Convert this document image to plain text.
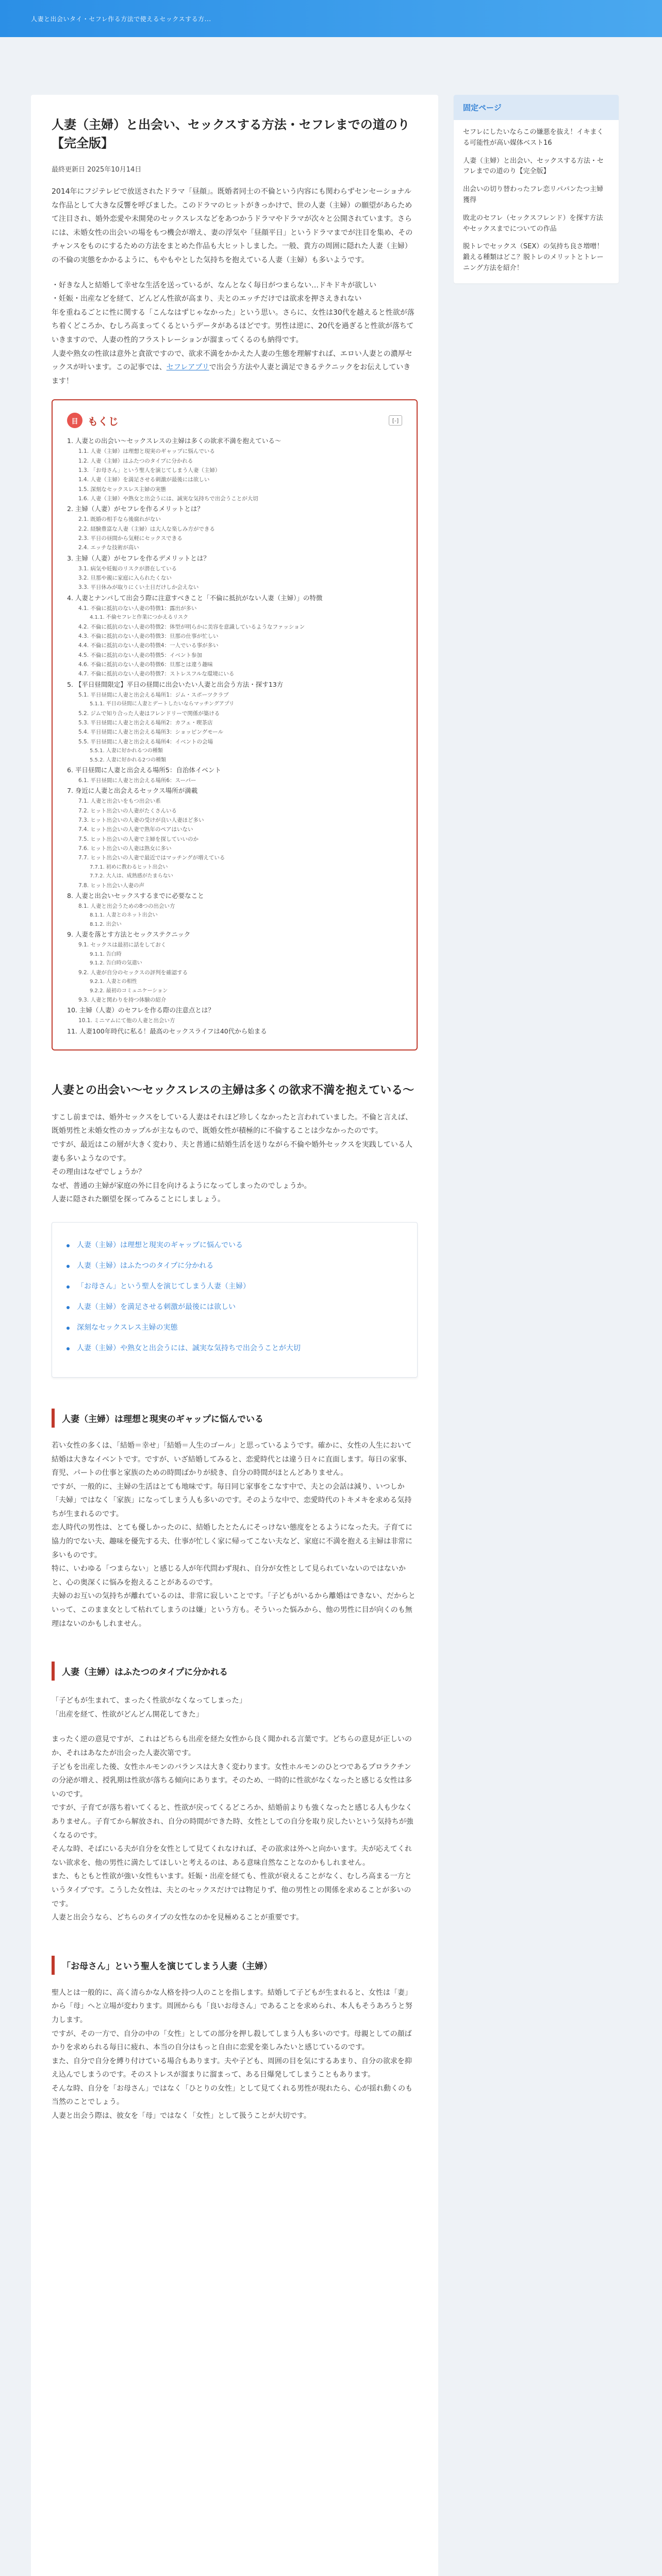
人妻と出会いタイ・セフレ作る方法で使えるセックスする方...
人妻（主婦）と出会い、セックスする方法・セフレまでの道のり【完全版】
最終更新日 2025年10月14日

2014年にフジテレビで放送されたドラマ「昼顔」。既婚者同士の不倫という内容にも関わらずセンセーショナルな作品として大きな反響を呼びました。このドラマのヒットがきっかけで、世の人妻（主婦）の願望があらためて注目され、婚外恋愛や未開発のセックスレスなどをあつかうドラマやドラマが次々と公開されています。さらには、未婚女性の出会いの場をもつ機会が増え、妻の浮気や「昼顔平日」というドラマまでが注目を集め、そのチャンスをものにするための方法をまとめた作品も大ヒットしました。一般、貴方の周囲に隠れた人妻（主婦）の不倫の実態をかかるように、もやもやとした気持ちを抱えている人妻（主婦）も多いようです。

・好きな人と結婚して幸せな生活を送っているが、なんとなく毎日がつまらない…ドキドキが欲しい
・妊娠・出産などを経て、どんどん性欲が高まり、夫とのエッチだけでは欲求を押さえきれない
年を重ねるごとに性に関する「こんなはずじゃなかった」という思い。さらに、女性は30代を越えると性欲が落ち着くどころか、むしろ高まってくるというデータがあるほどです。男性は逆に、20代を過ぎると性欲が落ちていきますので、人妻の性的フラストレーションが溜まってくるのも納得です。
人妻や熟女の性欲は意外と貪欲ですので、欲求不満をかかえた人妻の生態を理解すれば、エロい人妻との濃厚セックスが叶います。この記事では、セフレアプリで出会う方法や人妻と満足できるテクニックをお伝えしていきます！

目 もくじ	[-]
1. 人妻との出会い〜セックスレスの主婦は多くの欲求不満を抱えている〜
1.1. 人妻（主婦）は理想と現実のギャップに悩んでいる
1.2. 人妻（主婦）はふたつのタイプに分かれる
1.3. 「お母さん」という聖人を演じてしまう人妻（主婦）
1.4. 人妻（主婦）を満足させる刺激が最後には欲しい
1.5. 深刻なセックスレス主婦の実態
1.6. 人妻（主婦）や熟女と出会うには、誠実な気持ちで出会うことが大切
2. 主婦（人妻）がセフレを作るメリットとは？
2.1. 既婚の相手なら後腐れがない
2.2. 経験豊富な人妻（主婦）は大人な楽しみ方ができる
2.3. 平日の昼間から気軽にセックスできる
2.4. エッチな技術が高い
3. 主婦（人妻）がセフレを作るデメリットとは？
3.1. 病気や妊娠のリスクが潜在している
3.2. 旦那や親に家庭に入られたくない
3.3. 平日休みが取りにくい土日だけしか会えない
4. 人妻とナンパして出会う際に注意すべきこと「不倫に抵抗がない人妻（主婦）」の特徴
4.1. 不倫に抵抗のない人妻の特徴1：露出が多い
4.1.1. 不倫セフレと作業につかえるリスク
4.2. 不倫に抵抗のない人妻の特徴2：体型が明らかに美容を意識しているようなファッション
4.3. 不倫に抵抗のない人妻の特徴3：旦那の仕事が忙しい
4.4. 不倫に抵抗のない人妻の特徴4：一人でいる事が多い
4.5. 不倫に抵抗のない人妻の特徴5：イベント参加
4.6. 不倫に抵抗のない人妻の特徴6：旦那とは違う趣味
4.7. 不倫に抵抗のない人妻の特徴7：ストレスフルな環境にいる
5. 【平日昼間限定】平日の昼間に出会いたい人妻と出会う方法・探す13方
5.1. 平日昼間に人妻と出会える場所1：ジム・スポーツクラブ
5.1.1. 平日の昼間に人妻とデートしたいならマッチングアプリ
5.2. ジムで知り合った人妻はフレンドリーで関係が築ける
5.3. 平日昼間に人妻と出会える場所2：カフェ・喫茶店
5.4. 平日昼間に人妻と出会える場所3：ショッピングモール
5.5. 平日昼間に人妻と出会える場所4：イベントの会場
5.5.1. 人妻に好かれるつの種類
5.5.2. 人妻に好かれる2つの種類
6. 平日昼間に人妻と出会える場所5：自治体イベント
6.1. 平日昼間に人妻と出会える場所6：スーパー
7. 身近に人妻と出会えるセックス場所が満載
7.1. 人妻と出会いをもつ出会い系
7.2. ヒット出会いの人妻がたくさんいる
7.3. ヒット出会いの人妻の受けが良い人妻ほど多い
7.4. ヒット出会いの人妻で熟年のペアはいない
7.5. ヒット出会いの人妻で主婦を探していいのか
7.6. ヒット出会いの人妻は熟女に多い
7.7. ヒット出会いの人妻で最近ではマッチングが増えている
7.7.1. 初めに教わるヒット出会い
7.7.2. 大人は、成熟感がたまらない
7.8. ヒット出会い人妻の声
8. 人妻と出会いセックスするまでに必要なこと
8.1. 人妻と出会うための8つの出会い方
8.1.1. 人妻とのネット出会い
8.1.2. 出会い
9. 人妻を落とす方法とセックステクニック
9.1. セックスは最初に話をしておく
9.1.1. 告白時
9.1.2. 告白時の気遣い
9.2. 人妻が自分のセックスの評判を確認する
9.2.1. 人妻との相性
9.2.2. 最初のコミュニケーション
9.3. 人妻と関わりを持つ体験の紹介
10. 主婦（人妻）のセフレを作る際の注意点とは？
10.1. ミニマムにて他の人妻と出会い方
11. 人妻100年時代に私る！最高のセックスライフは40代から始まる
人妻との出会い〜セックスレスの主婦は多くの欲求不満を抱えている〜

すこし前までは、婚外セックスをしている人妻はそれほど珍しくなかったと言われていました。不倫と言えば、既婚男性と未婚女性のカップルが主なもので、既婚女性が積極的に不倫することは少なかったのです。
ですが、最近はこの層が大きく変わり、夫と普通に結婚生活を送りながら不倫や婚外セックスを実践している人妻も多いようなのです。
その理由はなぜでしょうか？
なぜ、普通の主婦が家庭の外に目を向けるようになってしまったのでしょうか。
人妻に隠された願望を探ってみることにしましょう。

人妻（主婦）は理想と現実のギャップに悩んでいる
人妻（主婦）はふたつのタイプに分かれる
「お母さん」という聖人を演じてしまう人妻（主婦）
人妻（主婦）を満足させる刺激が最後には欲しい
深刻なセックスレス主婦の実態
人妻（主婦）や熟女と出会うには、誠実な気持ちで出会うことが大切
人妻（主婦）は理想と現実のギャップに悩んでいる

若い女性の多くは、「結婚＝幸せ」「結婚＝人生のゴール」と思っているようです。確かに、女性の人生において結婚は大きなイベントです。ですが、いざ結婚してみると、恋愛時代とは違う日々に直面します。毎日の家事、育児、パートの仕事と家族のための時間ばかりが続き、自分の時間がほとんどありません。
ですが、一般的に、主婦の生活はとても地味です。毎日同じ家事をこなす中で、夫との会話は減り、いつしか「夫婦」ではなく「家族」になってしまう人も多いのです。そのような中で、恋愛時代のトキメキを求める気持ちが生まれるのです。
恋人時代の男性は、とても優しかったのに、結婚したとたんにそっけない態度をとるようになった夫。子育てに協力的でない夫、趣味を優先する夫、仕事が忙しく家に帰ってこない夫など、家庭に不満を抱える主婦は非常に多いものです。
特に、いわゆる「つまらない」と感じる人が年代問わず現れ、自分が女性として見られていないのではないかと、心の奥深くに悩みを抱えることがあるのです。
夫婦のお互いの気持ちが離れているのは、非常に寂しいことです。「子どもがいるから離婚はできない、だからといって、このまま女として枯れてしまうのは嫌」という方も。そういった悩みから、他の男性に目が向くのも無理はないのかもしれません。

人妻（主婦）はふたつのタイプに分かれる

「子どもが生まれて、まったく性欲がなくなってしまった」
「出産を経て、性欲がどんどん開花してきた」

まったく逆の意見ですが、これはどちらも出産を経た女性から良く聞かれる言葉です。どちらの意見が正しいのか、それはあなたが出会った人妻次第です。
子どもを出産した後、女性ホルモンのバランスは大きく変わります。女性ホルモンのひとつであるプロラクチンの分泌が増え、授乳期は性欲が落ちる傾向にあります。そのため、一時的に性欲がなくなったと感じる女性は多いのです。
ですが、子育てが落ち着いてくると、性欲が戻ってくるどころか、結婚前よりも強くなったと感じる人も少なくありません。子育てから解放され、自分の時間ができた時、女性としての自分を取り戻したいという気持ちが強くなるのです。
そんな時、そばにいる夫が自分を女性として見てくれなければ、その欲求は外へと向かいます。夫が応えてくれない欲求を、他の男性に満たしてほしいと考えるのは、ある意味自然なことなのかもしれません。
また、もともと性欲が強い女性もいます。妊娠・出産を経ても、性欲が衰えることがなく、むしろ高まる一方というタイプです。こうした女性は、夫とのセックスだけでは物足りず、他の男性との関係を求めることが多いのです。
人妻と出会うなら、どちらのタイプの女性なのかを見極めることが重要です。

「お母さん」という聖人を演じてしまう人妻（主婦）

聖人とは一般的に、高く清らかな人格を持つ人のことを指します。結婚して子どもが生まれると、女性は「妻」から「母」へと立場が変わります。周囲からも「良いお母さん」であることを求められ、本人もそうあろうと努力します。
ですが、その一方で、自分の中の「女性」としての部分を押し殺してしまう人も多いのです。母親としての顔ばかりを求められる毎日に疲れ、本当の自分はもっと自由に恋愛を楽しみたいと感じているのです。
また、自分で自分を縛り付けている場合もあります。夫や子ども、周囲の目を気にするあまり、自分の欲求を抑え込んでしまうのです。そのストレスが溜まりに溜まって、ある日爆発してしまうこともあります。
そんな時、自分を「お母さん」ではなく「ひとりの女性」として見てくれる男性が現れたら、心が揺れ動くのも当然のことでしょう。
人妻と出会う際は、彼女を「母」ではなく「女性」として扱うことが大切です。

固定ページ
セフレにしたいならこの嫌悪を抜え！イキまくる可能性が高い媒体ベスト16
人妻（主婦）と出会い、セックスする方法・セフレまでの道のり【完全版】
出会いの切り替わったフレ恋リパパンたつ主婦獲得
敗北のセフレ（セックスフレンド）を探す方法やセックスまでについての作品
脱トレでセックス（SEX）の気持ち良さ増噌！鍛える種類はどこ？脱トレのメリットとトレーニング方法を紹介！
